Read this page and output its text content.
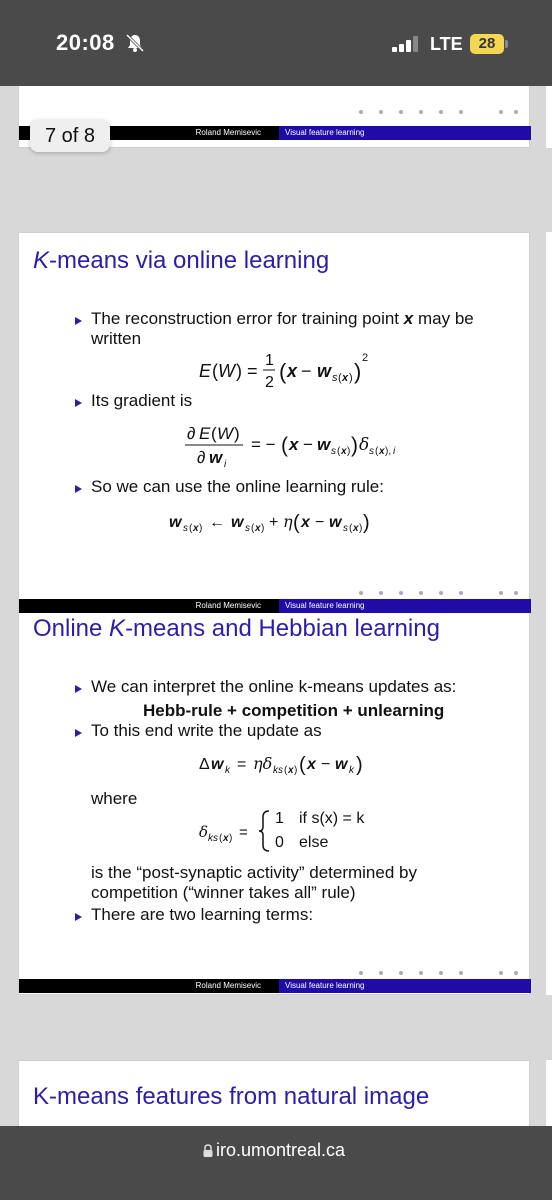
20:08	LTE	28
Roland Memisevic	Visual feature learning
K-means via online learning
The reconstruction error for training point x may be
written
E ( W ) =
1
2 ( x − w s ( x ) )
2
Its gradient is
∂ E ( W )
∂ w i
= − ( x − w s ( x ) ) δ s ( x ), i
So we can use the online learning rule:
w s ( x ) ← w s ( x ) + η ( x − w s ( x ) )
Roland Memisevic	Visual feature learning
Online K-means and Hebbian learning
We can interpret the online k-means updates as:
Hebb-rule + competition + unlearning
To this end write the update as
Δ w k = ηδ ks ( x ) ( x − w k )
where
δ ks ( x ) =
1 if s(x) = k
0 else
is the “post-synaptic activity” determined by
competition (“winner takes all” rule)
There are two learning terms:
Roland Memisevic	Visual feature learning
K-means features from natural image
7 of 8
iro.umontreal.ca
